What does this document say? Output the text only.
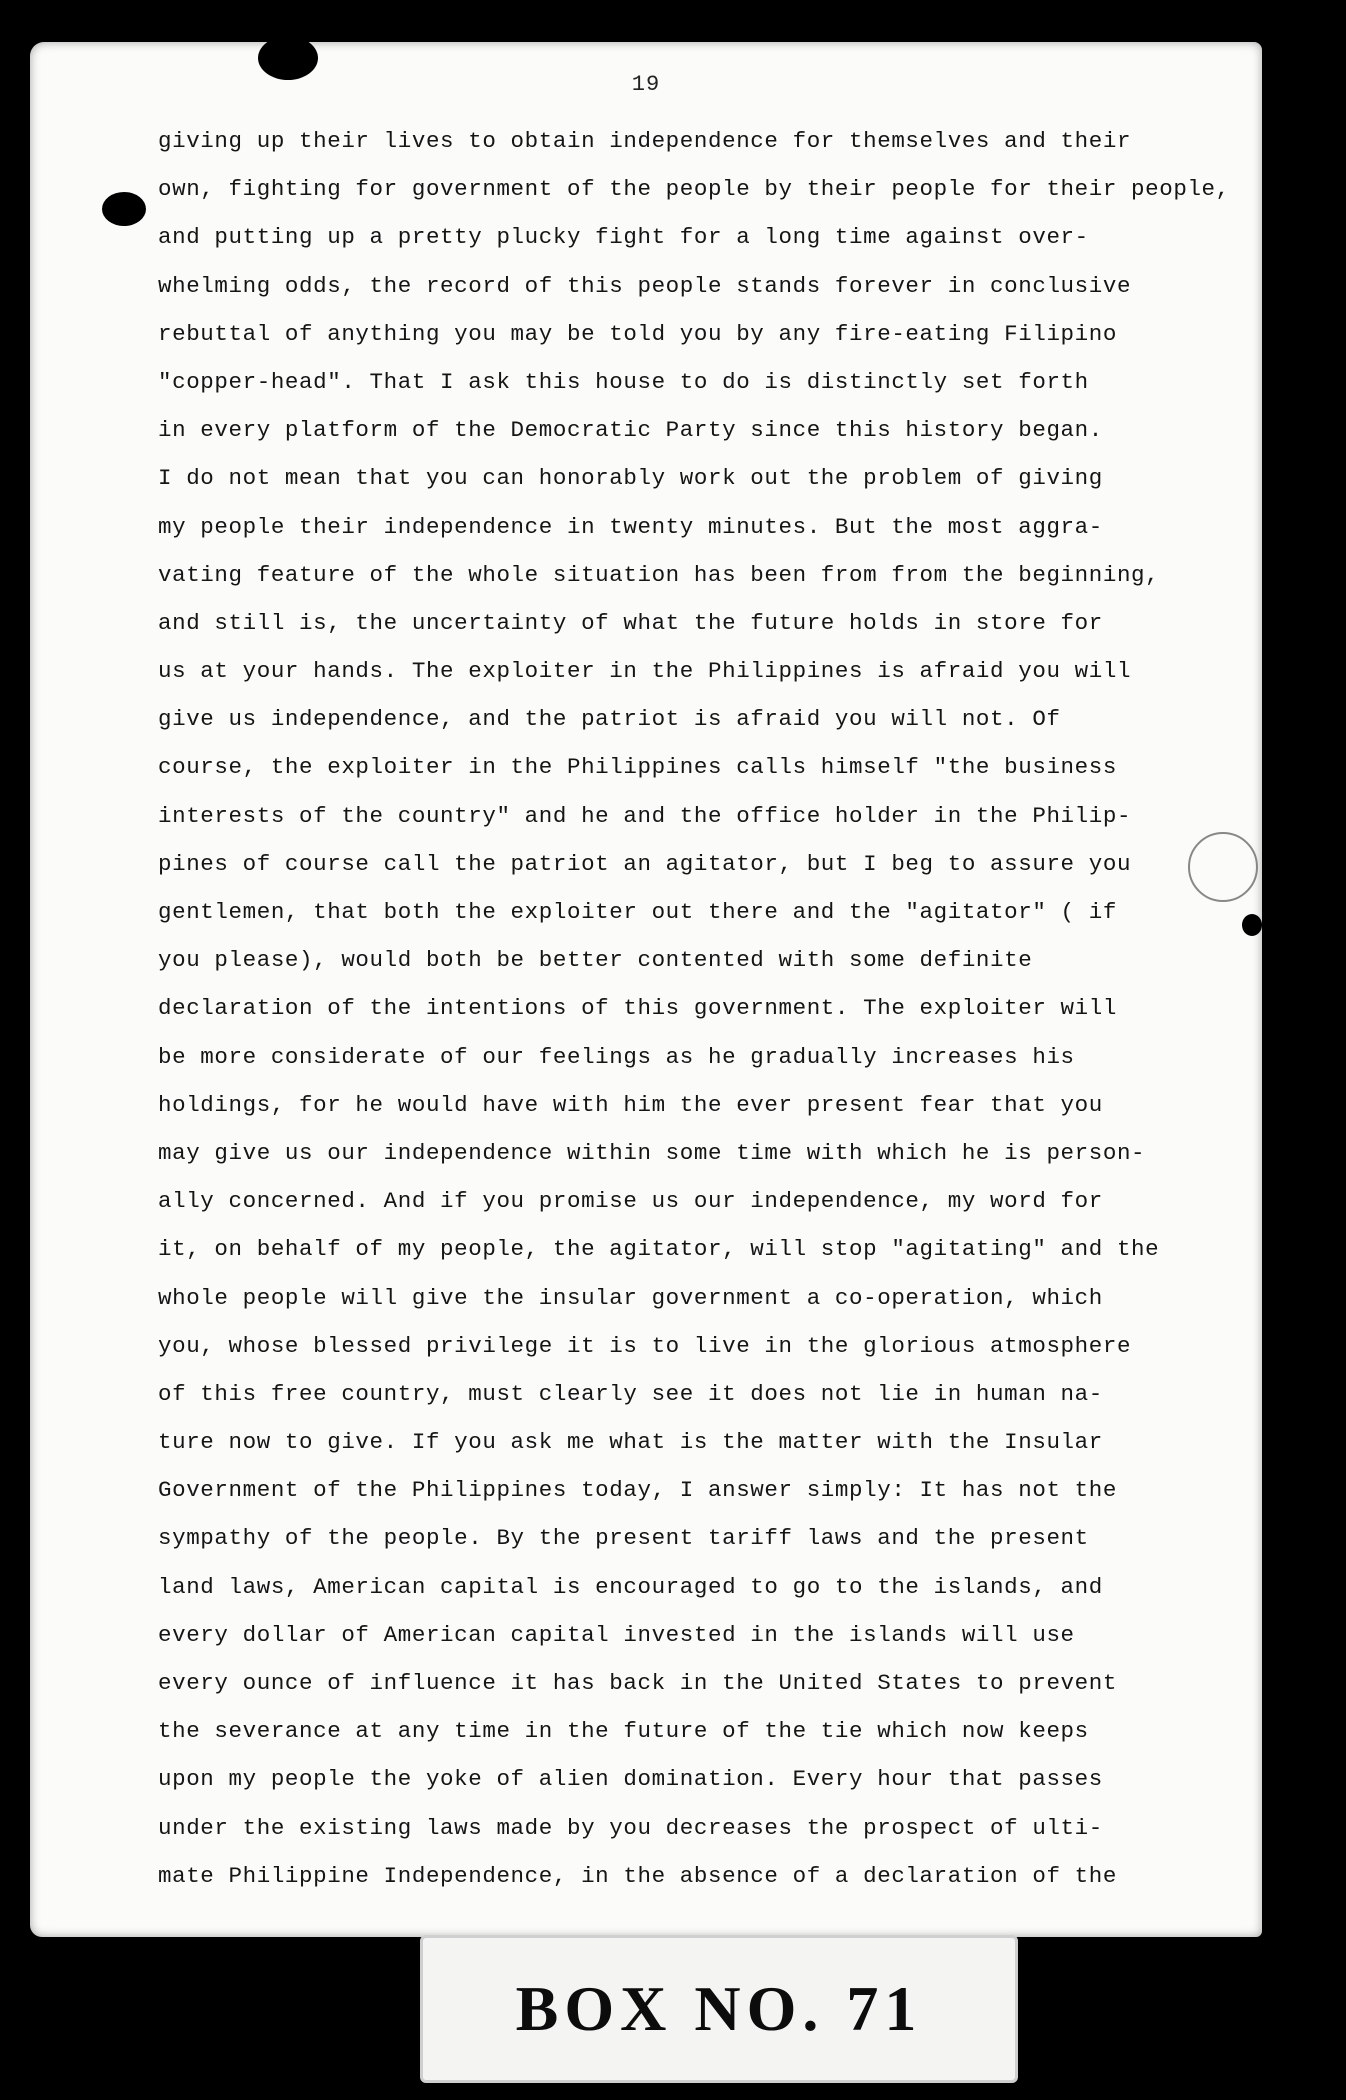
19
giving up their lives to obtain independence for themselves and their
own, fighting for government of the people by their people for their people,
and putting up a pretty plucky fight for a long time against over-
whelming odds, the record of this people stands forever in conclusive
rebuttal of anything you may be told you by any fire-eating Filipino
"copper-head". That I ask this house to do is distinctly set forth
in every platform of the Democratic Party since this history began.
I do not mean that you can honorably work out the problem of giving
my people their independence in twenty minutes. But the most aggra-
vating feature of the whole situation has been from from the beginning,
and still is, the uncertainty of what the future holds in store for
us at your hands. The exploiter in the Philippines is afraid you will
give us independence, and the patriot is afraid you will not. Of
course, the exploiter in the Philippines calls himself "the business
interests of the country" and he and the office holder in the Philip-
pines of course call the patriot an agitator, but I beg to assure you
gentlemen, that both the exploiter out there and the "agitator" ( if
you please), would both be better contented with some definite
declaration of the intentions of this government. The exploiter will
be more considerate of our feelings as he gradually increases his
holdings, for he would have with him the ever present fear that you
may give us our independence within some time with which he is person-
ally concerned. And if you promise us our independence, my word for
it, on behalf of my people, the agitator, will stop "agitating" and the
whole people will give the insular government a co-operation, which
you, whose blessed privilege it is to live in the glorious atmosphere
of this free country, must clearly see it does not lie in human na-
ture now to give. If you ask me what is the matter with the Insular
Government of the Philippines today, I answer simply: It has not the
sympathy of the people. By the present tariff laws and the present
land laws, American capital is encouraged to go to the islands, and
every dollar of American capital invested in the islands will use
every ounce of influence it has back in the United States to prevent
the severance at any time in the future of the tie which now keeps
upon my people the yoke of alien domination. Every hour that passes
under the existing laws made by you decreases the prospect of ulti-
mate Philippine Independence, in the absence of a declaration of the
BOX NO. 71
